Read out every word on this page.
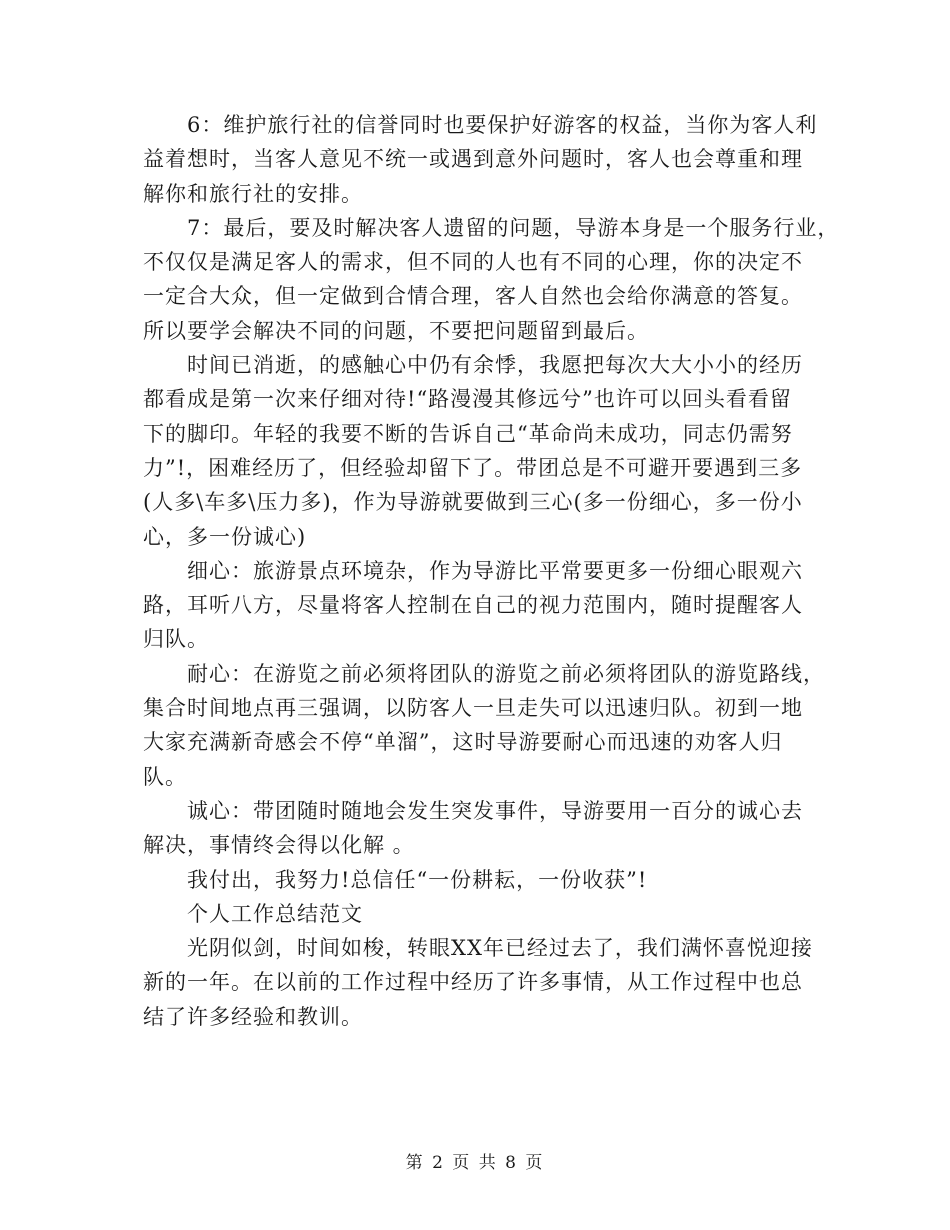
6：维护旅行社的信誉同时也要保护好游客的权益，当你为客人利
益着想时，当客人意见不统一或遇到意外问题时，客人也会尊重和理
解你和旅行社的安排。

7：最后，要及时解决客人遗留的问题，导游本身是一个服务行业，
不仅仅是满足客人的需求，但不同的人也有不同的心理，你的决定不
一定合大众，但一定做到合情合理，客人自然也会给你满意的答复。
所以要学会解决不同的问题，不要把问题留到最后。

时间已消逝，的感触心中仍有余悸，我愿把每次大大小小的经历
都看成是第一次来仔细对待!“路漫漫其修远兮”也许可以回头看看留
下的脚印。年轻的我要不断的告诉自己“革命尚未成功，同志仍需努
力”!，困难经历了，但经验却留下了。带团总是不可避开要遇到三多
(人多\车多\压力多)，作为导游就要做到三心(多一份细心，多一份小
心，多一份诚心)

细心：旅游景点环境杂，作为导游比平常要更多一份细心眼观六
路，耳听八方，尽量将客人控制在自己的视力范围内，随时提醒客人
归队。

耐心：在游览之前必须将团队的游览之前必须将团队的游览路线，
集合时间地点再三强调，以防客人一旦走失可以迅速归队。初到一地
大家充满新奇感会不停“单溜”，这时导游要耐心而迅速的劝客人归
队。

诚心：带团随时随地会发生突发事件，导游要用一百分的诚心去
解决，事情终会得以化解 。

我付出，我努力!总信任“一份耕耘，一份收获”!

个人工作总结范文

光阴似剑，时间如梭，转眼XX年已经过去了，我们满怀喜悦迎接
新的一年。在以前的工作过程中经历了许多事情，从工作过程中也总
结了许多经验和教训。

第 2 页 共 8 页
